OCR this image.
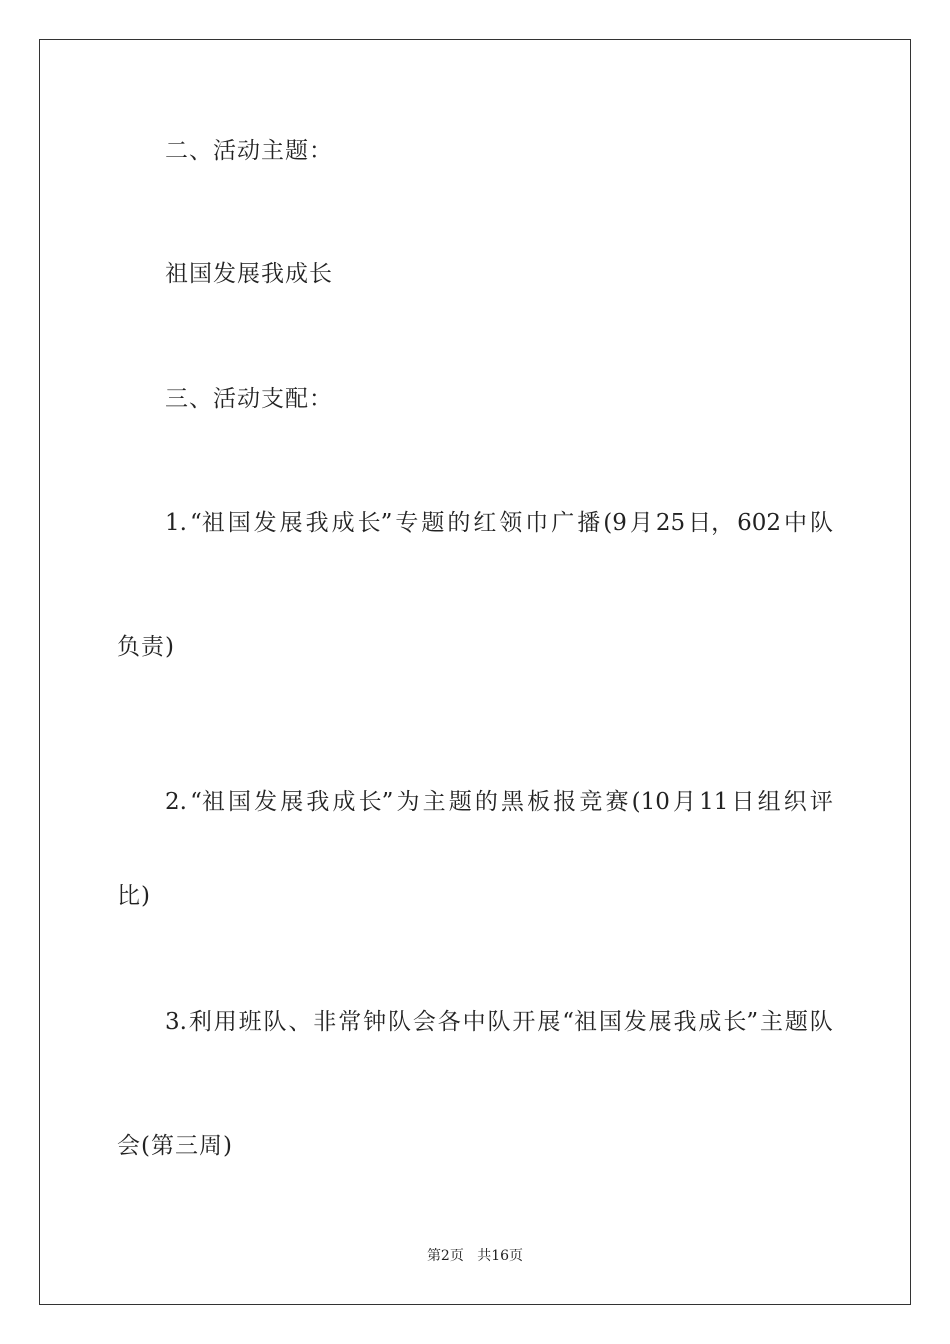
二、活动主题：

祖国发展我成长

三、活动支配：

1. “祖 国 发 展 我 成 长” 专 题 的 红 领 巾 广 播 (9 月 25 日， 602 中 队

负责)

2. “祖 国 发 展 我 成 长” 为 主 题 的 黑 板 报 竞 赛 (10 月 11 日 组 织 评

比)

3. 利 用 班 队 、 非 常 钟 队 会 各 中 队 开 展 “祖 国 发 展 我 成 长” 主 题 队

会(第三周)

第2页 共16页
